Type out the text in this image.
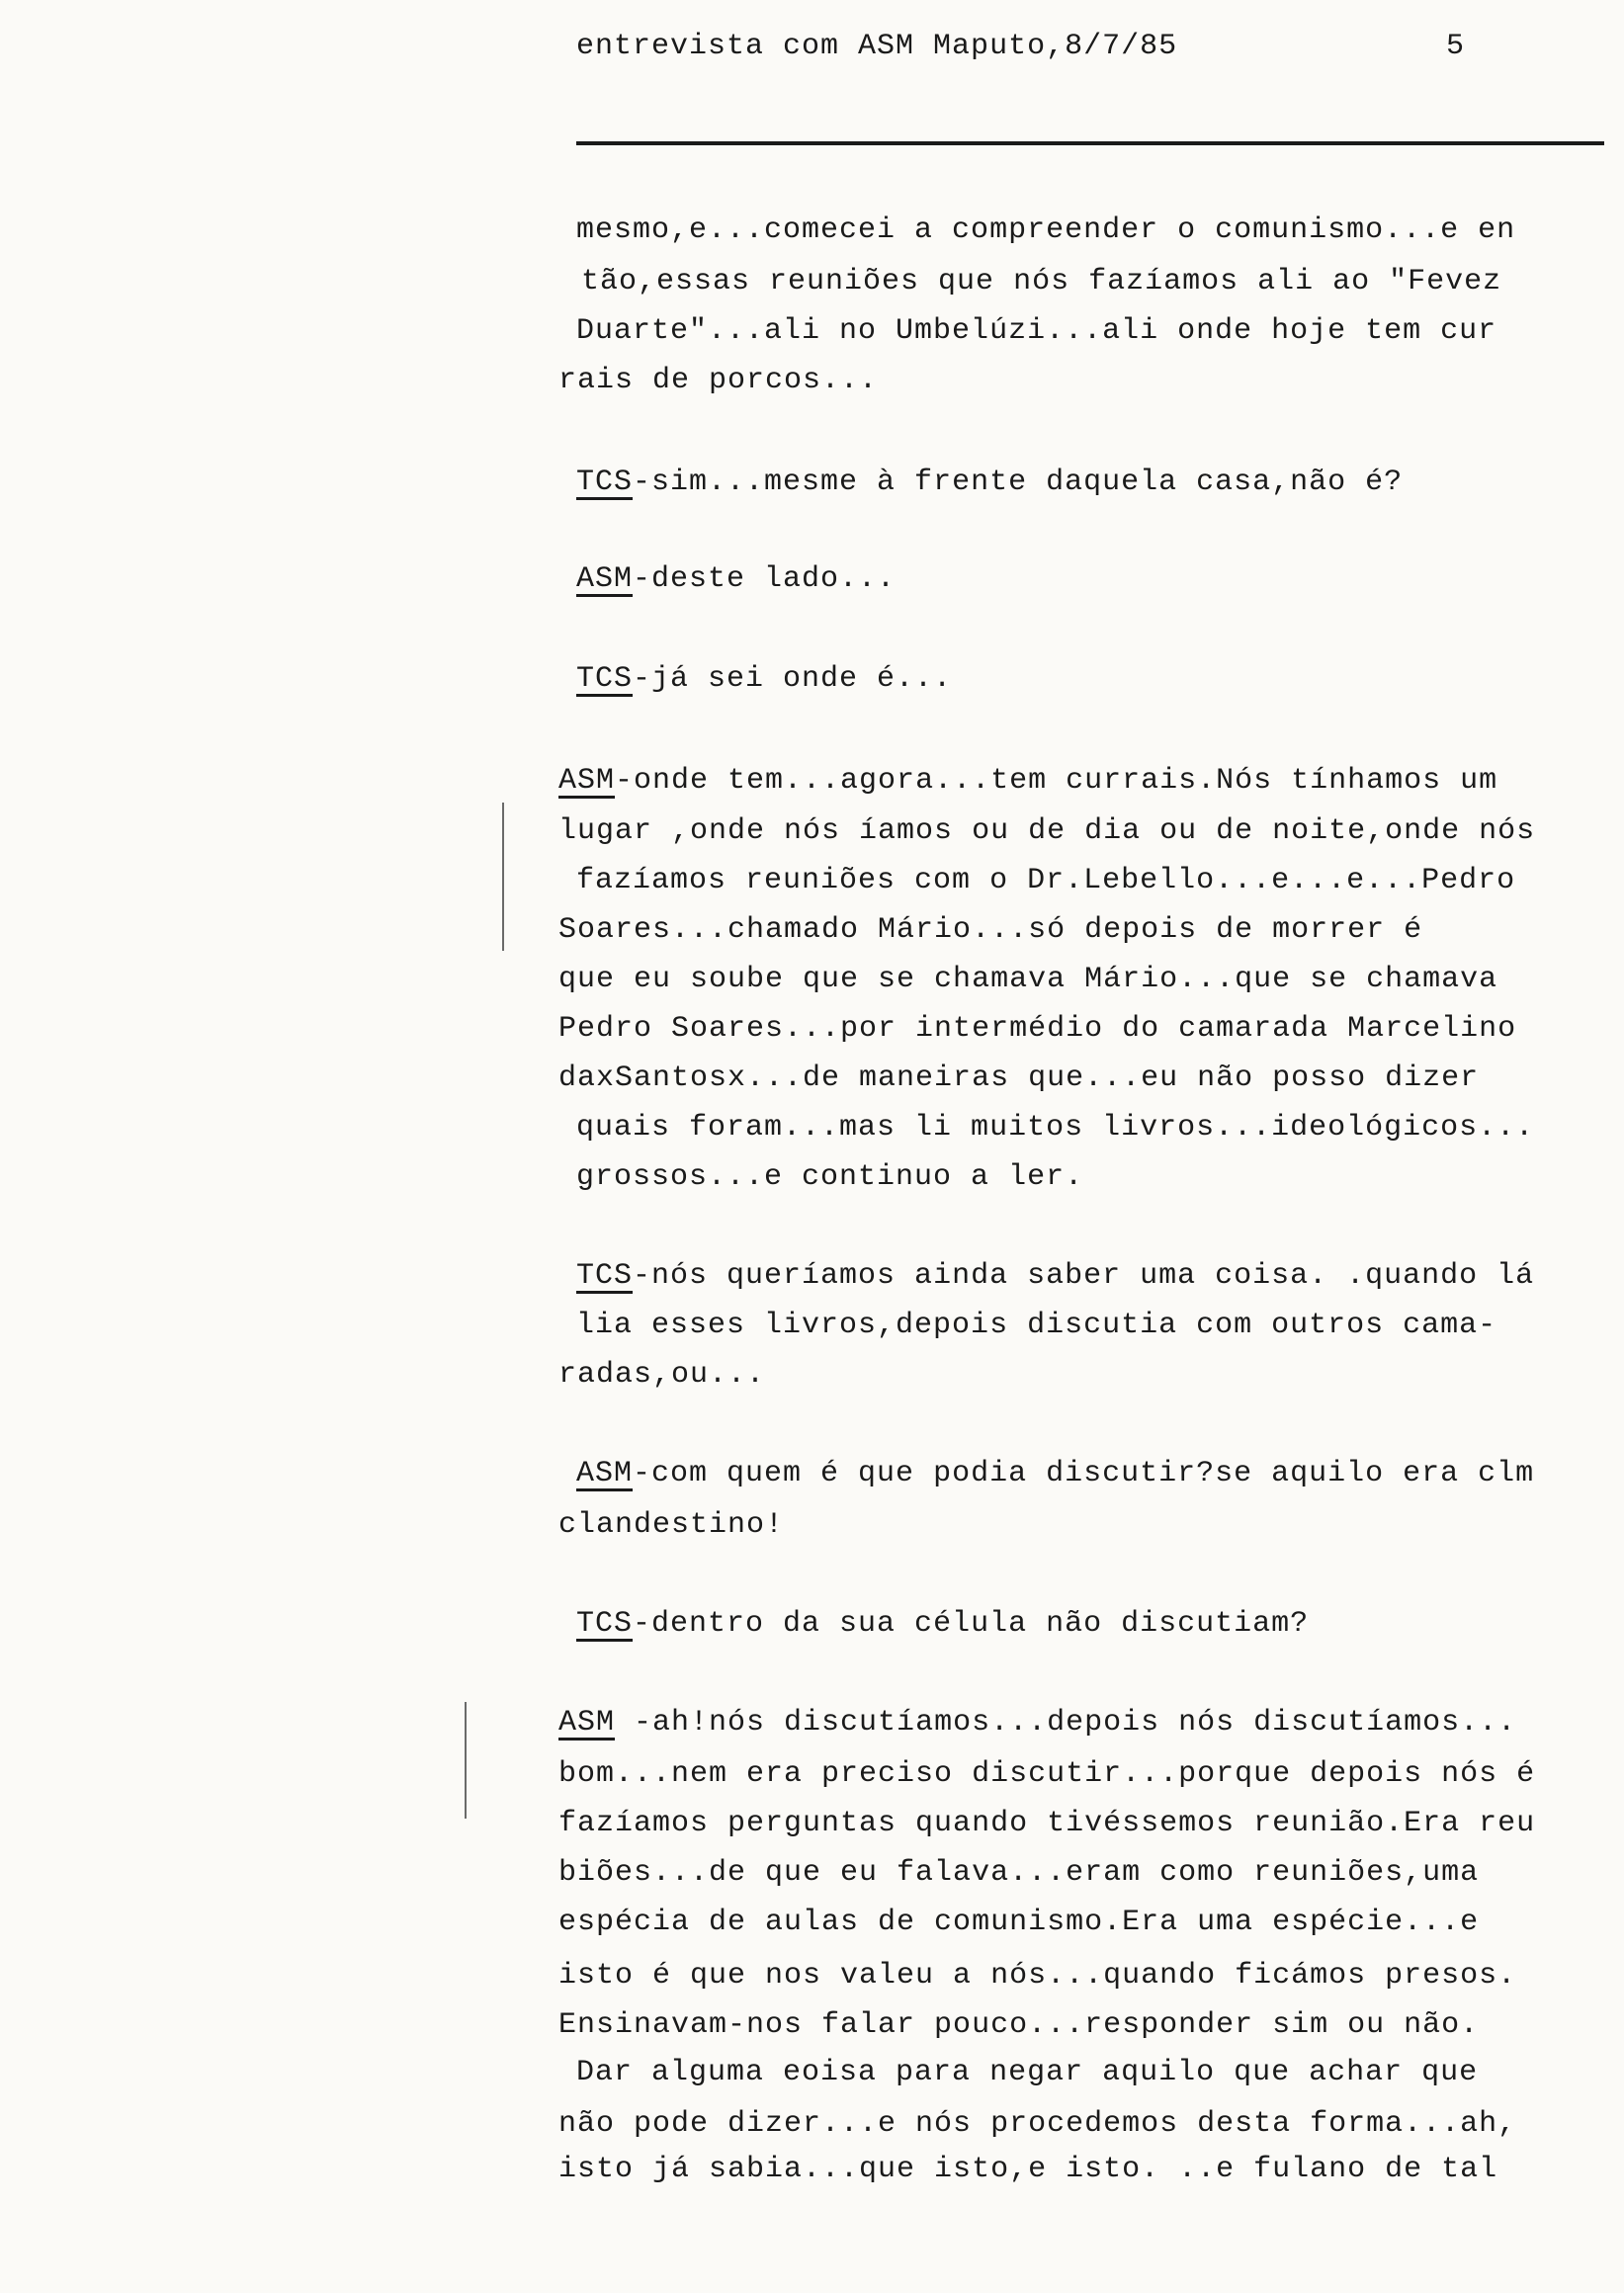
entrevista com ASM Maputo,8/7/85	5
mesmo,e...comecei a compreender o comunismo...e en
tão,essas reuniões que nós fazíamos ali ao "Fevez
Duarte"...ali no Umbelúzi...ali onde hoje tem cur
rais de porcos...
TCS-sim...mesme à frente daquela casa,não é?
ASM-deste lado...
TCS-já sei onde é...
ASM-onde tem...agora...tem currais.Nós tínhamos um
lugar ,onde nós íamos ou de dia ou de noite,onde nós
fazíamos reuniões com o Dr.Lebello...e...e...Pedro
Soares...chamado Mário...só depois de morrer é
que eu soube que se chamava Mário...que se chamava
Pedro Soares...por intermédio do camarada Marcelino
daxSantosx...de maneiras que...eu não posso dizer
quais foram...mas li muitos livros...ideológicos...
grossos...e continuo a ler.
TCS-nós queríamos ainda saber uma coisa. .quando lá
lia esses livros,depois discutia com outros cama-
radas,ou...
ASM-com quem é que podia discutir?se aquilo era clm
clandestino!
TCS-dentro da sua célula não discutiam?
ASM -ah!nós discutíamos...depois nós discutíamos...
bom...nem era preciso discutir...porque depois nós é
fazíamos perguntas quando tivéssemos reunião.Era reu
biões...de que eu falava...eram como reuniões,uma
espécia de aulas de comunismo.Era uma espécie...e
isto é que nos valeu a nós...quando ficámos presos.
Ensinavam-nos falar pouco...responder sim ou não.
Dar alguma eoisa para negar aquilo que achar que
não pode dizer...e nós procedemos desta forma...ah,
isto já sabia...que isto,e isto. ..e fulano de tal
